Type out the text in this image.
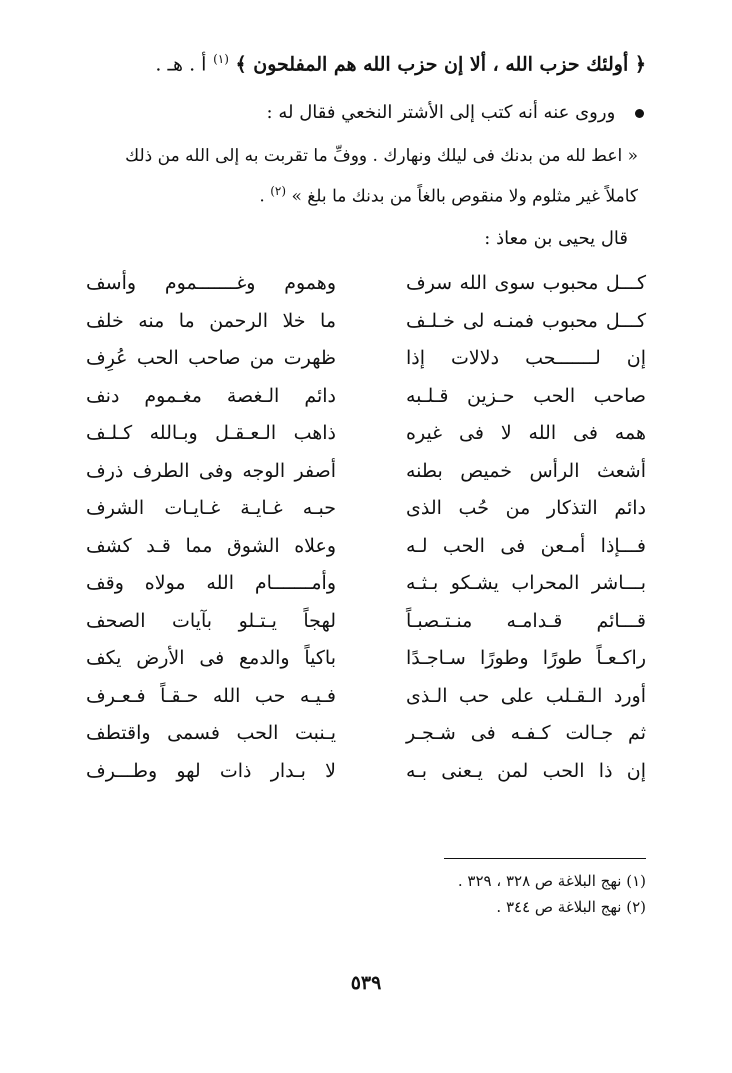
﴿ أولئك حزب الله ، ألا إن حزب الله هم المفلحون ﴾ $^{(١)}$ أ . هـ .
وروى عنه أنه كتب إلى الأشتر النخعي فقال له :
« اعط لله من بدنك فى ليلك ونهارك . ووفِّ ما تقربت به إلى الله من ذلك
كاملاً غير مثلوم ولا منقوص بالغاً من بدنك ما بلغ » $^{(٢)}$ .
قال يحيى بن معاذ :
كـــل محبوب سوى الله سرف
وهموم وغـــــــموم وأسف
كـــل محبوب فمنـه لى خـلـف
ما خلا الرحمن ما منه خلف
إن لـــــــحب دلالات إذا
ظهرت من صاحب الحب عُرِف
صاحب الحب حـزين قـلـبه
دائم الـغصة مغـموم دنف
همه فى الله لا فى غيره
ذاهب الـعـقـل وبـالله كـلـف
أشعث الرأس خميص بطنه
أصفر الوجه وفى الطرف ذرف
دائم التذكار من حُب الذى
حبـه غـايـة غـايـات الشرف
فـــإذا أمـعن فى الحب لـه
وعلاه الشوق مما قـد كشف
بـــاشر المحراب يشـكو بـثـه
وأمـــــــام الله مولاه وقف
قـــائم قـدامـه منـتـصبـاً
لهجاً يـتـلو بآيات الصحف
راكـعـاً طورًا وطورًا سـاجـدًا
باكياً والدمع فى الأرض يكف
أورد الـقـلب على حب الـذى
فـيـه حب الله حـقـاً فـعـرف
ثم جـالت كـفـه فى شـجـر
يـنبت الحب فسمى واقتطف
إن ذا الحب لمن يـعنى بـه
لا بـدار ذات لهو وطـــرف
(١) نهج البلاغة ص ٣٢٨ ، ٣٢٩ .
(٢) نهج البلاغة ص ٣٤٤ .
٥٣٩
